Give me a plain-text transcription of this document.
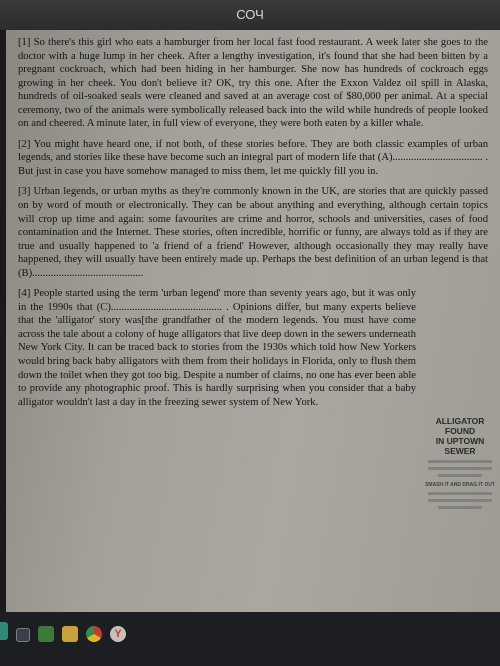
СОЧ

[1] So there's this girl who eats a hamburger from her local fast food restaurant. A week later she goes to the doctor with a huge lump in her cheek. After a lengthy investigation, it's found that she had been bitten by a pregnant cockroach, which had been hiding in her hamburger. She now has hundreds of cockroach eggs growing in her cheek. You don't believe it? OK, try this one. After the Exxon Valdez oil spill in Alaska, hundreds of oil-soaked seals were cleaned and saved at an average cost of $80,000 per animal. At a special ceremony, two of the animals were symbolically released back into the wild while hundreds of people looked on and cheered. A minute later, in full view of everyone, they were both eaten by a killer whale.

[2] You might have heard one, if not both, of these stories before. They are both classic examples of urban legends, and stories like these have become such an integral part of modern life that (A).................................. . But just in case you have somehow managed to miss them, let me quickly fill you in.

[3] Urban legends, or urban myths as they're commonly known in the UK, are stories that are quickly passed on by word of mouth or electronically. They can be about anything and everything, although certain topics will crop up time and again: some favourites are crime and horror, schools and universities, cases of food contamination and the Internet. These stories, often incredible, horrific or funny, are always told as if they are true and usually happened to 'a friend of a friend' However, although occasionally they may really have happened, they will usually have been entirely made up. Perhaps the best definition of an urban legend is that (B)..........................................

[4] People started using the term 'urban legend' more than seventy years ago, but it was only in the 1990s that (C).......................................... . Opinions differ, but many experts believe that the 'alligator' story was[the grandfather of the modern legends. You must have come across the tale about a colony of huge alligators that live deep down in the sewers underneath New York City. It can be traced back to stories from the 1930s which told how New Yorkers would bring back baby alligators with them from their holidays in Florida, only to flush them down the toilet when they got too big. Despite a number of claims, no one has ever been able to provide any photographic proof. This is hardly surprising when you consider that a baby alligator wouldn't last a day in the freezing sewer system of New York.

ALLIGATOR FOUND
IN UPTOWN SEWER
SMASH IT AND DRAG IT OUT
Y
